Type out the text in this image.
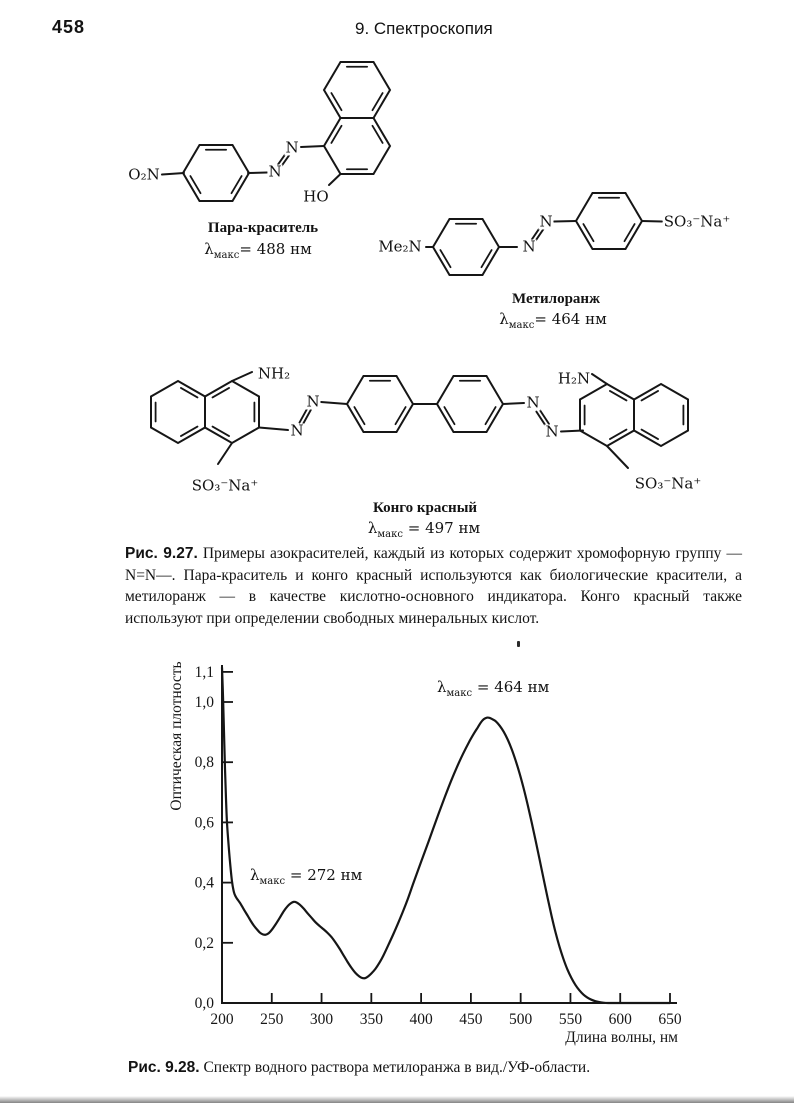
458	9. Спектроскопия
O₂N	N
N
HO
Me₂N	N
N	SO₃⁻Na⁺
NH₂
N
N	N
N
H₂N
SO₃⁻Na⁺	SO₃⁻Na⁺
Пара-краситель
$\lambda_{макс}= 488$ нм
Метилоранж
$\lambda_{макс}= 464$ нм
Конго красный
$\lambda_{макс} = 497$ нм

Рис. 9.27. Примеры азокрасителей, каждый из которых содержит хромофорную группу —N=N—. Пара-краситель и конго красный используются как биологические красители, а метилоранж — в качестве кислотно-основного индикатора. Конго красный также используют при определении свободных минеральных кислот.

0,0
0,2
0,4
0,6
0,8
1,0
1,1
200 250 300 350 400 450 500 550 600 650
Длина волны, нм
Оптическая плотность
$\lambda_{макс} = 272$ нм
$\lambda_{макс} = 464$ нм

Рис. 9.28. Спектр водного раствора метилоранжа в вид./УФ-области.
